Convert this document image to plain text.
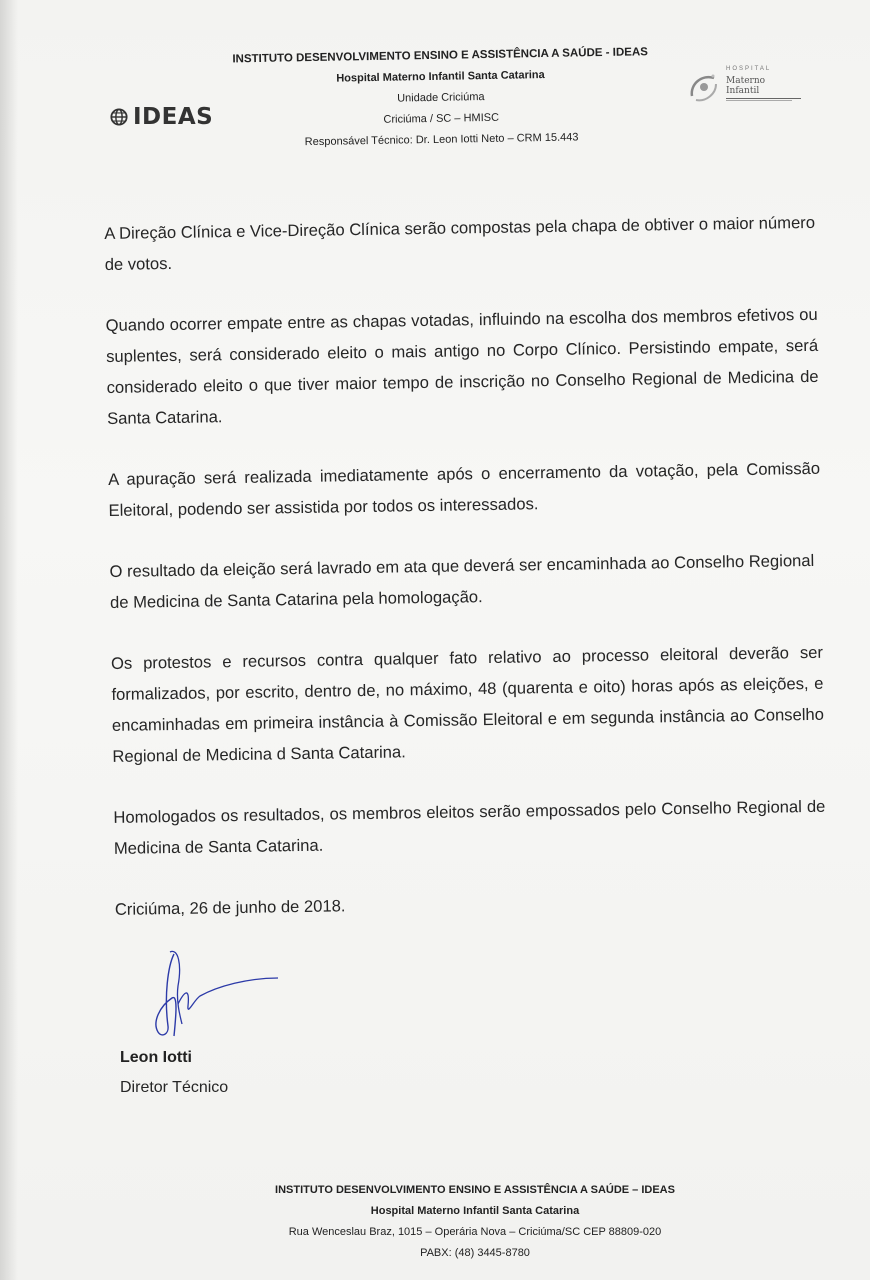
IDEAS
INSTITUTO DESENVOLVIMENTO ENSINO E ASSISTÊNCIA A SAÚDE - IDEAS
Hospital Materno Infantil Santa Catarina
Unidade Criciúma
Criciúma / SC – HMISC
Responsável Técnico: Dr. Leon Iotti Neto – CRM 15.443
HOSPITAL
Materno Infantil

A Direção Clínica e Vice-Direção Clínica serão compostas pela chapa de obtiver o maior número de votos.

Quando ocorrer empate entre as chapas votadas, influindo na escolha dos membros efetivos ou suplentes, será considerado eleito o mais antigo no Corpo Clínico. Persistindo empate, será considerado eleito o que tiver maior tempo de inscrição no Conselho Regional de Medicina de Santa Catarina.

A apuração será realizada imediatamente após o encerramento da votação, pela Comissão Eleitoral, podendo ser assistida por todos os interessados.

O resultado da eleição será lavrado em ata que deverá ser encaminhada ao Conselho Regional de Medicina de Santa Catarina pela homologação.

Os protestos e recursos contra qualquer fato relativo ao processo eleitoral deverão ser formalizados, por escrito, dentro de, no máximo, 48 (quarenta e oito) horas após as eleições, e encaminhadas em primeira instância à Comissão Eleitoral e em segunda instância ao Conselho Regional de Medicina d Santa Catarina.

Homologados os resultados, os membros eleitos serão empossados pelo Conselho Regional de Medicina de Santa Catarina.

Criciúma, 26 de junho de 2018.
Leon Iotti
Diretor Técnico
INSTITUTO DESENVOLVIMENTO ENSINO E ASSISTÊNCIA A SAÚDE – IDEAS
Hospital Materno Infantil Santa Catarina
Rua Wenceslau Braz, 1015 – Operária Nova – Criciúma/SC CEP 88809-020
PABX: (48) 3445-8780
